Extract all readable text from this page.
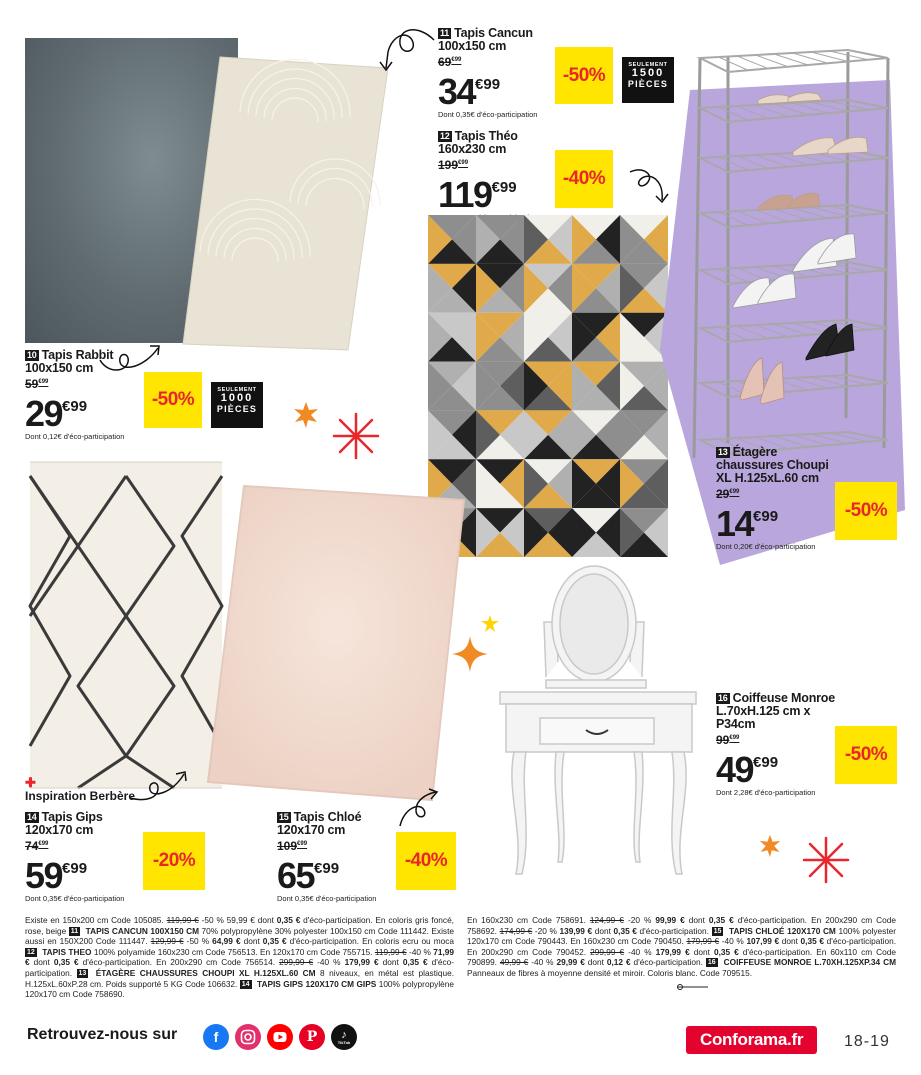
11 Tapis Cancun
100x150 cm
$69^{€99}$
$34^{€99}$
Dont 0,35€ d'éco-participation
-50%	SEULEMENT
1500
PIÈCES
12 Tapis Théo
160x230 cm
$199^{€99}$
$119^{€99}$	-40%
13 Étagère
chaussures Choupi
XL H.125xL.60 cm
$29^{€99}$
$14^{€99}$
Dont 0,20€ d'éco-participation
-50%
10 Tapis Rabbit
100x150 cm
$59^{€99}$
$29^{€99}$
Dont 0,12€ d'éco-participation
-50%	SEULEMENT
1000
PIÈCES
16 Coiffeuse Monroe
L.70xH.125 cm x
P34cm
$99^{€99}$
$49^{€99}$
Dont 2,28€ d'éco-participation
-50%
✚
Inspiration Berbère
14 Tapis Gips
120x170 cm
$74^{€99}$
$59^{€99}$
Dont 0,35€ d'éco-participation
-20%
15 Tapis Chloé
120x170 cm
$109^{€99}$
$65^{€99}$
Dont 0,35€ d'éco-participation
-40%
Existe en 150x200 cm Code 105085. 119,99 € -50 % 59,99 € dont 0,35 € d'éco-participation. En coloris gris foncé, rose, beige 11 TAPIS CANCUN 100X150 CM 70% polypropylène 30% polyester 100x150 cm Code 111442. Existe aussi en 150X200 Code 111447. 129,99 € -50 % 64,99 € dont 0,35 € d'éco-participation. En coloris ecru ou moca 12 TAPIS THEO 100% polyamide 160x230 cm Code 756513. En 120x170 cm Code 755715. 119,99 € -40 % 71,99 € dont 0,35 € d'éco-participation. En 200x290 cm Code 756514. 299,99 € -40 % 179,99 € dont 0,35 € d'éco-participation. 13 ÉTAGÈRE CHAUSSURES CHOUPI XL H.125XL.60 CM 8 niveaux, en métal est plastique. H.125xL.60xP.28 cm. Poids supporté 5 KG Code 106632. 14 TAPIS GIPS 120X170 CM GIPS 100% polypropylène 120x170 cm Code 758690.
En 160x230 cm Code 758691. 124,99 € -20 % 99,99 € dont 0,35 € d'éco-participation. En 200x290 cm Code 758692. 174,99 € -20 % 139,99 € dont 0,35 € d'éco-participation. 15 TAPIS CHLOÉ 120X170 CM 100% polyester 120x170 cm Code 790443. En 160x230 cm Code 790450. 179,99 € -40 % 107,99 € dont 0,35 € d'éco-participation. En 200x290 cm Code 790452. 299,99 € -40 % 179,99 € dont 0,35 € d'éco-participation. En 60x110 cm Code 790899. 49,99 € -40 % 29,99 € dont 0,12 € d'éco-participation. 16 COIFFEUSE MONROE L.70XH.125XP.34 CM Panneaux de fibres à moyenne densité et miroir. Coloris blanc. Code 709515.
Retrouvez-nous sur	f	P	♪
TikTok	Conforama.fr	18-19
